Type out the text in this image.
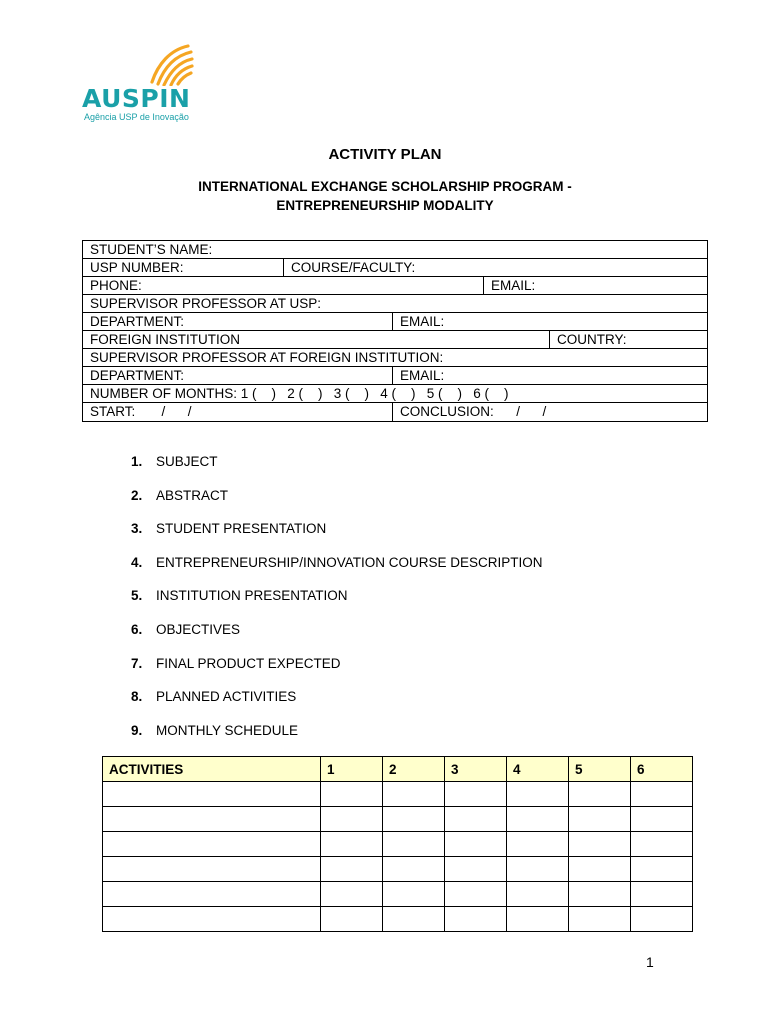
AUSPIN
Agência USP de Inovação
ACTIVITY PLAN
INTERNATIONAL EXCHANGE SCHOLARSHIP PROGRAM -
ENTREPRENEURSHIP MODALITY
STUDENT’S NAME:
USP NUMBER:	COURSE/FACULTY:
PHONE:	EMAIL:
SUPERVISOR PROFESSOR AT USP:
DEPARTMENT:	EMAIL:
FOREIGN INSTITUTION	COUNTRY:
SUPERVISOR PROFESSOR AT FOREIGN INSTITUTION:
DEPARTMENT:	EMAIL:
NUMBER OF MONTHS: 1 (    )   2 (    )   3 (    )   4 (    )   5 (    )   6 (    )
START:       /      /	CONCLUSION:      /      /
1. SUBJECT
2. ABSTRACT
3. STUDENT PRESENTATION
4. ENTREPRENEURSHIP/INNOVATION COURSE DESCRIPTION
5. INSTITUTION PRESENTATION
6. OBJECTIVES
7. FINAL PRODUCT EXPECTED
8. PLANNED ACTIVITIES
9. MONTHLY SCHEDULE
ACTIVITIES	1	2	3	4	5	6

1
